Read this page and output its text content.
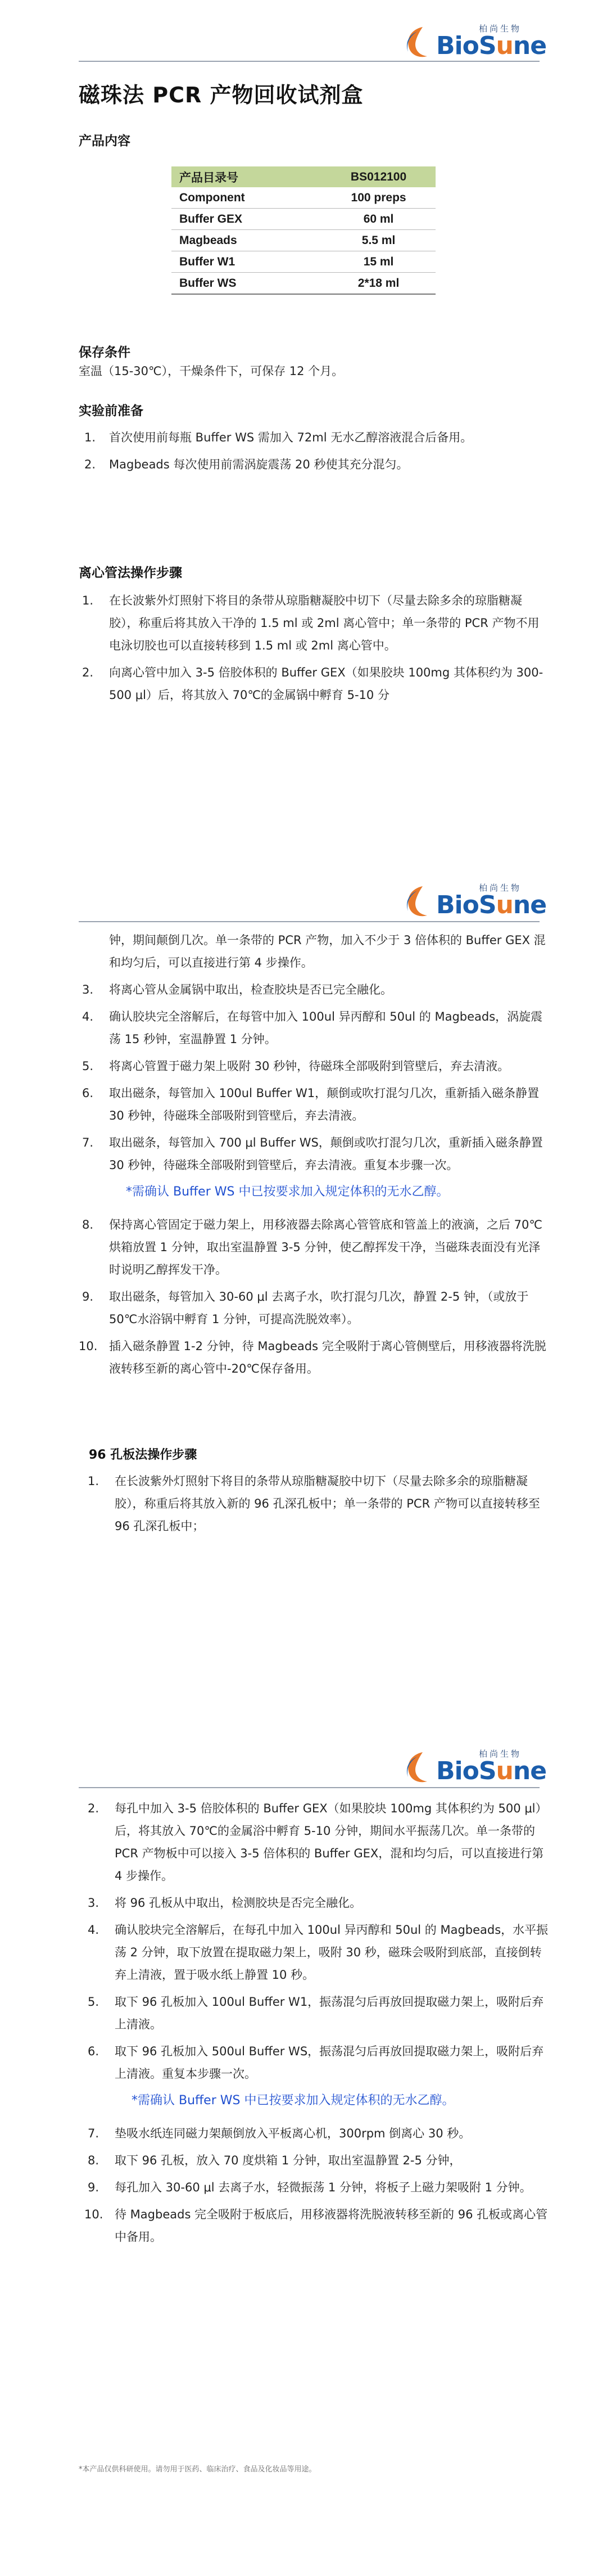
柏尚生物
BioSune
磁珠法 PCR 产物回收试剂盒
产品内容
产品目录号	BS012100
Component	100 preps
Buffer GEX	60 ml
Magbeads	5.5 ml
Buffer W1	15 ml
Buffer WS	2*18 ml
保存条件
室温（15-30℃），干燥条件下，可保存 12 个月。
实验前准备
1. 首次使用前每瓶 Buffer WS 需加入 72ml 无水乙醇溶液混合后备用。
2. Magbeads 每次使用前需涡旋震荡 20 秒使其充分混匀。
离心管法操作步骤
1. 在长波紫外灯照射下将目的条带从琼脂糖凝胶中切下（尽量去除多余的琼脂糖凝胶），称重后将其放入干净的 1.5 ml 或 2ml 离心管中；单一条带的 PCR 产物不用电泳切胶也可以直接转移到 1.5 ml 或 2ml 离心管中。
2. 向离心管中加入 3-5 倍胶体积的 Buffer GEX（如果胶块 100mg 其体积约为 300-500 μl）后，将其放入 70℃的金属锅中孵育 5-10 分
柏尚生物
BioSune
钟，期间颠倒几次。单一条带的 PCR 产物，加入不少于 3 倍体积的 Buffer GEX 混和均匀后，可以直接进行第 4 步操作。
3. 将离心管从金属锅中取出，检查胶块是否已完全融化。
4. 确认胶块完全溶解后，在每管中加入 100ul 异丙醇和 50ul 的 Magbeads，涡旋震荡 15 秒钟，室温静置 1 分钟。
5. 将离心管置于磁力架上吸附 30 秒钟，待磁珠全部吸附到管壁后，弃去清液。
6. 取出磁条，每管加入 100ul Buffer W1，颠倒或吹打混匀几次，重新插入磁条静置 30 秒钟，待磁珠全部吸附到管壁后，弃去清液。
7. 取出磁条，每管加入 700 μl Buffer WS，颠倒或吹打混匀几次，重新插入磁条静置 30 秒钟，待磁珠全部吸附到管壁后，弃去清液。重复本步骤一次。
*需确认 Buffer WS 中已按要求加入规定体积的无水乙醇。
8. 保持离心管固定于磁力架上，用移液器去除离心管管底和管盖上的液滴，之后 70℃烘箱放置 1 分钟，取出室温静置 3-5 分钟，使乙醇挥发干净，当磁珠表面没有光泽时说明乙醇挥发干净。
9. 取出磁条，每管加入 30-60 μl 去离子水，吹打混匀几次，静置 2-5 钟，（或放于 50℃水浴锅中孵育 1 分钟，可提高洗脱效率）。
10. 插入磁条静置 1-2 分钟，待 Magbeads 完全吸附于离心管侧壁后，用移液器将洗脱液转移至新的离心管中-20℃保存备用。
96 孔板法操作步骤
1. 在长波紫外灯照射下将目的条带从琼脂糖凝胶中切下（尽量去除多余的琼脂糖凝胶），称重后将其放入新的 96 孔深孔板中；单一条带的 PCR 产物可以直接转移至 96 孔深孔板中；
柏尚生物
BioSune
2. 每孔中加入 3-5 倍胶体积的 Buffer GEX（如果胶块 100mg 其体积约为 500 μl）后，将其放入 70℃的金属浴中孵育 5-10 分钟，期间水平振荡几次。单一条带的 PCR 产物板中可以接入 3-5 倍体积的 Buffer GEX，混和均匀后，可以直接进行第 4 步操作。
3. 将 96 孔板从中取出，检测胶块是否完全融化。
4. 确认胶块完全溶解后，在每孔中加入 100ul 异丙醇和 50ul 的 Magbeads，水平振荡 2 分钟，取下放置在提取磁力架上，吸附 30 秒，磁珠会吸附到底部，直接倒转弃上清液，置于吸水纸上静置 10 秒。
5. 取下 96 孔板加入 100ul Buffer W1，振荡混匀后再放回提取磁力架上，吸附后弃上清液。
6. 取下 96 孔板加入 500ul Buffer WS，振荡混匀后再放回提取磁力架上，吸附后弃上清液。重复本步骤一次。
*需确认 Buffer WS 中已按要求加入规定体积的无水乙醇。
7. 垫吸水纸连同磁力架颠倒放入平板离心机，300rpm 倒离心 30 秒。
8. 取下 96 孔板，放入 70 度烘箱 1 分钟，取出室温静置 2-5 分钟，
9. 每孔加入 30-60 μl 去离子水，轻微振荡 1 分钟，将板子上磁力架吸附 1 分钟。
10. 待 Magbeads 完全吸附于板底后，用移液器将洗脱液转移至新的 96 孔板或离心管中备用。
*本产品仅供科研使用。请勿用于医药、临床治疗、食品及化妆品等用途。
